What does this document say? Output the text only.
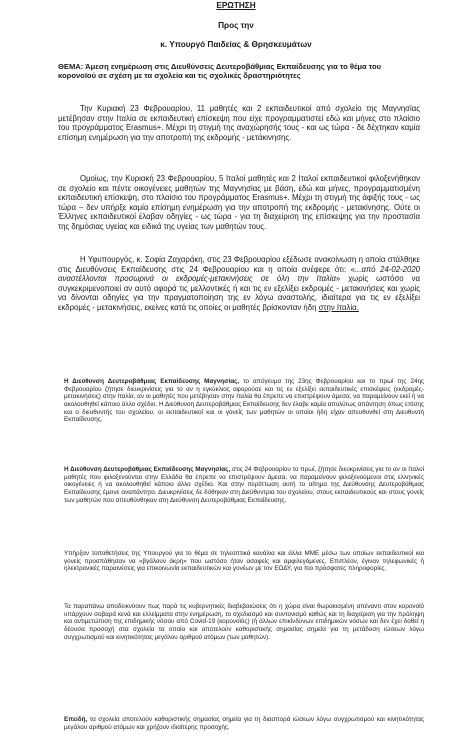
ΕΡΩΤΗΣΗ
Προς την
κ. Υπουργό Παιδείας & Θρησκευμάτων
ΘΕΜΑ: Άμεση ενημέρωση στις Διευθύνσεις Δευτεροβάθμιας Εκπαίδευσης για το θέμα του κορονοϊού σε σχέση με τα σχολεία και τις σχολικές δραστηριότητες

Την Κυριακή 23 Φεβρουαρίου, 11 μαθητές και 2 εκπαιδευτικοί από σχολείο της Μαγνησίας μετέβησαν στην Ιταλία σε εκπαιδευτική επίσκεψη που είχε προγραμματιστεί εδώ και μήνες στο πλαίσιο του προγράμματος Erasmus+. Μέχρι τη στιγμή της αναχώρησής τους - και ως τώρα - δε δέχτηκαν καμία επίσημη ενημέρωση για την αποτροπή της εκδρομής - μετάκινησης.

Ομοίως, την Κυριακή 23 Φεβρουαρίου, 5 Ιταλοί μαθητές και 2 Ιταλοί εκπαιδευτικοί φιλοξενήθηκαν σε σχολείο και πέντε οικογένειες μαθητών της Μαγνησίας με βάση, εδώ και μήνες, προγραμματισμένη εκπαιδευτική επίσκεψη, στο πλαίσιο του προγράμματος Erasmus+. Μέχρι τη στιγμή της άφιξής τους - ως τώρα – δεν υπήρξε καμία επίσημη ενημέρωση για την αποτροπή της εκδρομής - μετακίνησης. Ούτε οι Έλληνες εκπαιδευτικοί έλαβαν οδηγίες - ως τώρα - για τη διαχείριση της επίσκεψης για την προστασία της δημόσιας υγείας και ειδικά της υγείας των μαθητών τους.

Η Υφυπουργός, κ. Σοφία Ζαχαράκη, στις 23 Φεβρουαρίου εξέδωσε ανακοίνωση η οποία στάλθηκε στις Διευθύνσεις Εκπαίδευσης στις 24 Φεβρουαρίου και η οποία ανέφερε ότι: «...από 24-02-2020 αναστέλλονται προσωρινά οι εκδρομές-μετακινήσεις σε όλη την Ιταλία» χωρίς ωστόσο να συγκεκριμενοποιεί αν αυτό αφορά τις μελλοντικές ή και τις εν εξελίξει εκδρομές - μετακινήσεις και χωρίς να δίνονται οδηγίες για την πραγματοποίηση της εν λόγω αναστολής, ιδιαίτερα για τις εν εξελίξει εκδρομές - μετακινήσεις, εκείνες κατά τις οποίες οι μαθητές βρίσκονταν ήδη στην Ιταλία.

Η Διεύθυνση Δευτεροβάθμιας Εκπαίδευσης Μαγνησίας, το απόγευμα της 23ης Φεβρουαρίου και το πρωί της 24ης Φεβρουαρίου ζήτησε διευκρινίσεις για το αν η εγκύκλιος αφορούσε και τις εν εξελίξει εκπαιδευτικές επισκέψεις (εκδρομές-μετακινήσεις) στην Ιταλία, αν οι μαθητές που μετέβησαν στην Ιταλία θα έπρεπε να επιστρέψουν άμεσα, να παραμείνουν εκεί ή να ακολουθηθεί κάποιο άλλο σχέδιο. Η Διεύθυνση Δευτεροβάθμιας Εκπαίδευσης δεν έλαβε καμία απολύτως απάντηση όπως επίσης και ο διευθυντής του σχολείου, οι εκπαιδευτικοί και οι γονείς των μαθητών οι οποίοι ήδη είχαν απευθυνθεί στη Διευθυντή Εκπαίδευσης.

Η Διεύθυνση Δευτεροβάθμιας Εκπαίδευσης Μαγνησίας, στις 24 Φεβρουαρίου το πρωί, ζήτησε διευκρινίσεις για το αν οι Ιταλοί μαθητές που φιλοξενούνται στην Ελλάδα θα έπρεπε να επιστρέψουν άμεσα, να παραμείνουν φιλοξενούμενοι στις ελληνικές οικογένειες ή να ακολουθηθεί κάποιο άλλο σχέδιο. Και στην περίπτωση αυτή το αίτημα της Διεύθυνσης Δευτεροβάθμιας Εκπαίδευσης έμεινε αναπάντητο. Διευκρινίσεις δε δόθηκαν στη Διεύθυντρια του σχολείου, στους εκπαιδευτικούς και στους γονείς των μαθητών που απευθύνθηκαν στη Διεύθυνση Δευτεροβάθμιας Εκπαίδευσης.

Υπήρξαν τοποθετήσεις της Υπουργού για το θέμα σε τηλεοπτικά κανάλια και άλλα ΜΜΕ μέσω των οποίων εκπαιδευτικοί και γονείς προσπάθησαν να «βγάλουν άκρη» που ωστόσο ήταν ασαφείς και αμφιλεγόμενες. Επιπλέον, έγιναν τηλεφωνικές ή ηλεκτρονικές παραινέσεις για επικοινωνία εκπαιδευτικών και γονέων με τον ΕΟΔΥ, για πιο πρόσφατες πληροφορίες.

Τα παραπάνω αποδεικνύουν πως παρά τις κυβερνητικές διαβεβαιώσεις ότι η χώρα είναι θωρακισμένη απέναντι στον κορονοϊό υπάρχουν σοβαρά κενά και ελλείμματα στην ενημέρωση, το σχεδιασμό και συντονισμό καθώς και τη διαχείριση για την πρόληψη και αντιμετώπιση της επιδημικής νόσου από Covid-19 (κορονοϊός) (ή άλλων επικίνδυνων επιδημικών νόσων και δεν έχει δοθεί η δέουσα προσοχή στα σχολεία τα οποία και αποτελούν καθοριστικής σημασίας σημεία για τη μετάδοση ιώσεων λόγω συγχρωτισμού και κινητικότητας μεγάλου αριθμού ατόμων (των μαθητών).

Επειδή, τα σχολεία αποτελούν καθοριστικής σημασίας σημεία για τη διασπορά ιώσεων λόγω συγχρωτισμού και κινητικότητας μεγάλου αριθμού ατόμων και χρήζουν ιδιαίτερης προσοχής.
